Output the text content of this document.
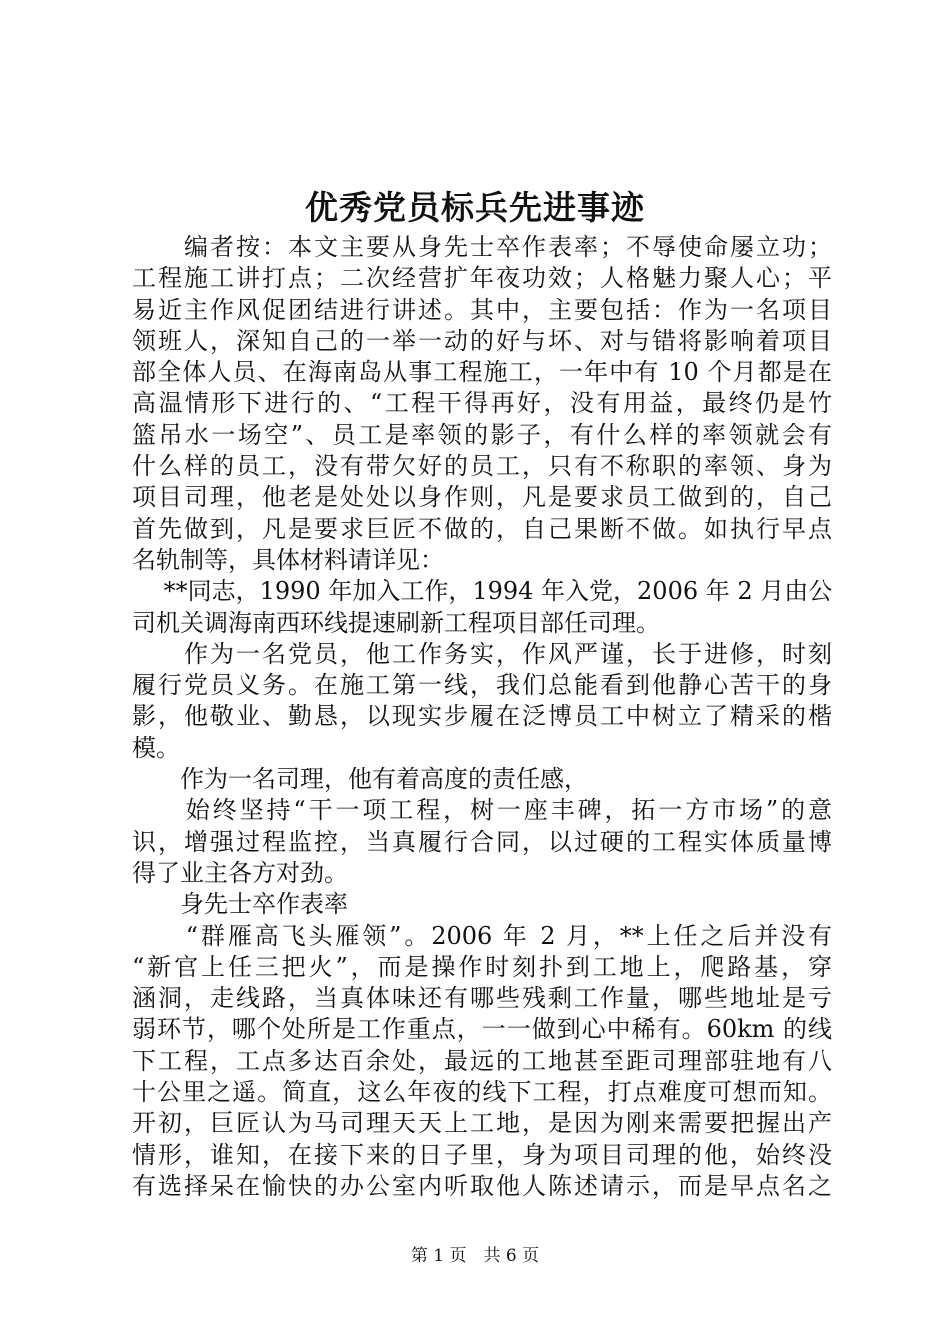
优秀党员标兵先进事迹
　　编者按：本文主要从身先士卒作表率；不辱使命屡立功；
工程施工讲打点；二次经营扩年夜功效；人格魅力聚人心；平
易近主作风促团结进行讲述。其中，主要包括：作为一名项目
领班人，深知自己的一举一动的好与坏、对与错将影响着项目
部全体人员、在海南岛从事工程施工，一年中有 10 个月都是在
高温情形下进行的、“工程干得再好，没有用益，最终仍是竹
篮吊水一场空”、员工是率领的影子，有什么样的率领就会有
什么样的员工，没有带欠好的员工，只有不称职的率领、身为
项目司理，他老是处处以身作则，凡是要求员工做到的，自己
首先做到，凡是要求巨匠不做的，自己果断不做。如执行早点
名轨制等，具体材料请详见：
　 **同志，1990 年加入工作，1994 年入党，2006 年 2 月由公
司机关调海南西环线提速刷新工程项目部任司理。
　　作为一名党员，他工作务实，作风严谨，长于进修，时刻
履行党员义务。在施工第一线，我们总能看到他静心苦干的身
影，他敬业、勤恳，以现实步履在泛博员工中树立了精采的楷
模。
　　作为一名司理，他有着高度的责任感，
　　始终坚持“干一项工程，树一座丰碑，拓一方市场”的意
识，增强过程监控，当真履行合同，以过硬的工程实体质量博
得了业主各方对劲。
　　身先士卒作表率
　　“群雁高飞头雁领”。2006 年 2 月，**上任之后并没有
“新官上任三把火”，而是操作时刻扑到工地上，爬路基，穿
涵洞，走线路，当真体味还有哪些残剩工作量，哪些地址是亏
弱环节，哪个处所是工作重点，一一做到心中稀有。60km 的线
下工程，工点多达百余处，最远的工地甚至距司理部驻地有八
十公里之遥。简直，这么年夜的线下工程，打点难度可想而知。
开初，巨匠认为马司理天天上工地，是因为刚来需要把握出产
情形，谁知，在接下来的日子里，身为项目司理的他，始终没
有选择呆在愉快的办公室内听取他人陈述请示，而是早点名之
第 1 页　共 6 页
